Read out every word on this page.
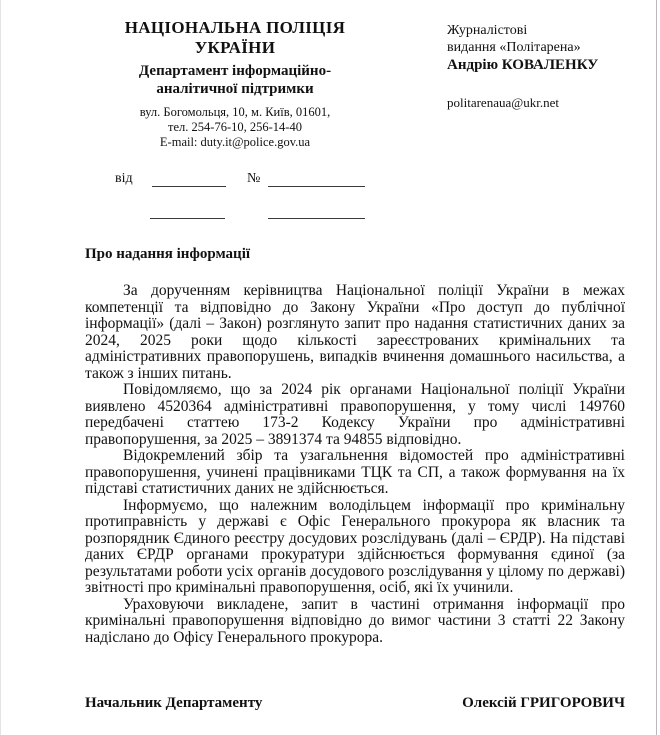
НАЦІОНАЛЬНА ПОЛІЦІЯ
УКРАЇНИ
Департамент інформаційно-
аналітичної підтримки
вул. Богомольця, 10, м. Київ, 01601,
тел. 254-76-10, 256-14-40
E-mail: duty.it@police.gov.ua
Журналістові
видання «Політарена»
Андрію КОВАЛЕНКУ
politarenaua@ukr.net
від	№
Про надання інформації

За дорученням керівництва Національної поліції України в межах компетенції та відповідно до Закону України «Про доступ до публічної інформації» (далі – Закон) розглянуто запит про надання статистичних даних за 2024, 2025 роки щодо кількості зареєстрованих кримінальних та адміністративних правопорушень, випадків вчинення домашнього насильства, а також з інших питань.

Повідомляємо, що за 2024 рік органами Національної поліції України виявлено 4520364 адміністративні правопорушення, у тому числі 149760 передбачені статтею 173-2 Кодексу України про адміністративні правопорушення, за 2025 – 3891374 та 94855 відповідно.

Відокремлений збір та узагальнення відомостей про адміністративні правопорушення, учинені працівниками ТЦК та СП, а також формування на їх підставі статистичних даних не здійснюється.

Інформуємо, що належним володільцем інформації про кримінальну протиправність у державі є Офіс Генерального прокурора як власник та розпорядник Єдиного реєстру досудових розслідувань (далі – ЄРДР). На підставі даних ЄРДР органами прокуратури здійснюється формування єдиної (за результатами роботи усіх органів досудового розслідування у цілому по державі) звітності про кримінальні правопорушення, осіб, які їх учинили.

Ураховуючи викладене, запит в частині отримання інформації про кримінальні правопорушення відповідно до вимог частини 3 статті 22 Закону надіслано до Офісу Генерального прокурора.

Начальник Департаменту	Олексій ГРИГОРОВИЧ
